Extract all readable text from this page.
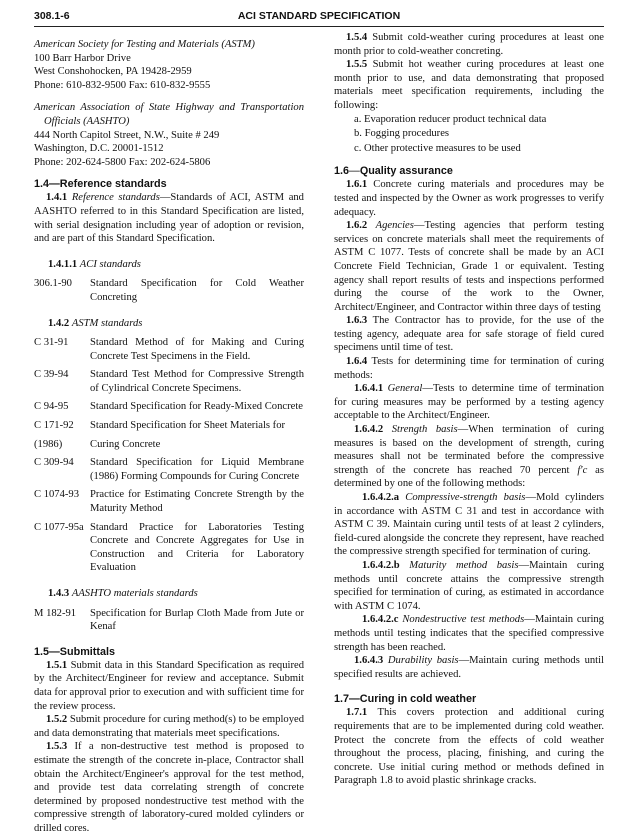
308.1-6	ACI STANDARD SPECIFICATION

American Society for Testing and Materials (ASTM)

100 Barr Harbor Drive

West Conshohocken, PA 19428-2959

Phone: 610-832-9500 Fax: 610-832-9555

American Association of State Highway and Transportation Officials (AASHTO)

444 North Capitol Street, N.W., Suite # 249

Washington, D.C. 20001-1512

Phone: 202-624-5800 Fax: 202-624-5806

1.4—Reference standards

1.4.1 Reference standards—Standards of ACI, ASTM and AASHTO referred to in this Standard Specification are listed, with serial designation including year of adoption or revision, and are part of this Standard Specification.

1.4.1.1 ACI standards

306.1-90	Standard Specification for Cold Weather Concreting

1.4.2 ASTM standards

C 31-91	Standard Method of for Making and Curing Concrete Test Specimens in the Field.
C 39-94	Standard Test Method for Compressive Strength of Cylindrical Concrete Specimens.
C 94-95	Standard Specification for Ready-Mixed Concrete
C 171-92	Standard Specification for Sheet Materials for
(1986)	Curing Concrete
C 309-94	Standard Specification for Liquid Membrane (1986) Forming Compounds for Curing Concrete
C 1074-93	Practice for Estimating Concrete Strength by the Maturity Method
C 1077-95a Standard Practice for Laboratories Testing Concrete and Concrete Aggregates for Use in Construction and Criteria for Laboratory Evaluation

1.4.3 AASHTO materials standards

M 182-91	Specification for Burlap Cloth Made from Jute or Kenaf
1.5—Submittals

1.5.1 Submit data in this Standard Specification as required by the Architect/Engineer for review and acceptance. Submit data for approval prior to execution and with sufficient time for the review process.

1.5.2 Submit procedure for curing method(s) to be employed and data demonstrating that materials meet specifications.

1.5.3 If a non-destructive test method is proposed to estimate the strength of the concrete in-place, Contractor shall obtain the Architect/Engineer's approval for the test method, and provide test data correlating strength of concrete determined by proposed nondestructive test method with the compressive strength of laboratory-cured molded cylinders or drilled cores.

1.5.4 Submit cold-weather curing procedures at least one month prior to cold-weather concreting.

1.5.5 Submit hot weather curing procedures at least one month prior to use, and data demonstrating that proposed materials meet specification requirements, including the following:

a. Evaporation reducer product technical data

b. Fogging procedures

c. Other protective measures to be used

1.6—Quality assurance

1.6.1 Concrete curing materials and procedures may be tested and inspected by the Owner as work progresses to verify adequacy.

1.6.2 Agencies—Testing agencies that perform testing services on concrete materials shall meet the requirements of ASTM C 1077. Tests of concrete shall be made by an ACI Concrete Field Technician, Grade 1 or equivalent. Testing agency shall report results of tests and inspections performed during the course of the work to the Owner, Architect/Engineer, and Contractor within three days of testing

1.6.3 The Contractor has to provide, for the use of the testing agency, adequate area for safe storage of field cured specimens until time of test.

1.6.4 Tests for determining time for termination of curing methods:

1.6.4.1 General—Tests to determine time of termination for curing measures may be performed by a testing agency acceptable to the Architect/Engineer.

1.6.4.2 Strength basis—When termination of curing measures is based on the development of strength, curing measures shall not be terminated before the compressive strength of the concrete has reached 70 percent f′c as determined by one of the following methods:

1.6.4.2.a Compressive-strength basis—Mold cylinders in accordance with ASTM C 31 and test in accordance with ASTM C 39. Maintain curing until tests of at least 2 cylinders, field-cured alongside the concrete they represent, have reached the compressive strength specified for termination of curing.

1.6.4.2.b Maturity method basis—Maintain curing methods until concrete attains the compressive strength specified for termination of curing, as estimated in accordance with ASTM C 1074.

1.6.4.2.c Nondestructive test methods—Maintain curing methods until testing indicates that the specified compressive strength has been reached.

1.6.4.3 Durability basis—Maintain curing methods until specified results are achieved.

1.7—Curing in cold weather

1.7.1 This covers protection and additional curing requirements that are to be implemented during cold weather. Protect the concrete from the effects of cold weather throughout the process, placing, finishing, and curing the concrete. Use initial curing method or methods defined in Paragraph 1.8 to avoid plastic shrinkage cracks.
